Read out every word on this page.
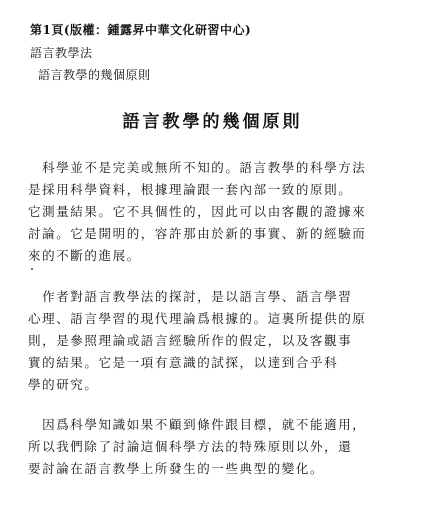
第1頁(版權：鍾露昇中華文化研習中心)
語言教學法
語言教學的幾個原則
語言教學的幾個原則
　科學並不是完美或無所不知的。語言教學的科學方法
是採用科學資料，根據理論跟一套內部一致的原則。
它測量結果。它不具個性的，因此可以由客觀的證據來
討論。它是開明的，容許那由於新的事實、新的經驗而
來的不斷的進展。
　作者對語言教學法的探討，是以語言學、語言學習
心理、語言學習的現代理論爲根據的。這裏所提供的原
則，是參照理論或語言經驗所作的假定，以及客觀事
實的結果。它是一項有意識的試探，以達到合乎科
學的研究。
　因爲科學知識如果不顧到條件跟目標，就不能適用，
所以我們除了討論這個科學方法的特殊原則以外，還
要討論在語言教學上所發生的一些典型的變化。
